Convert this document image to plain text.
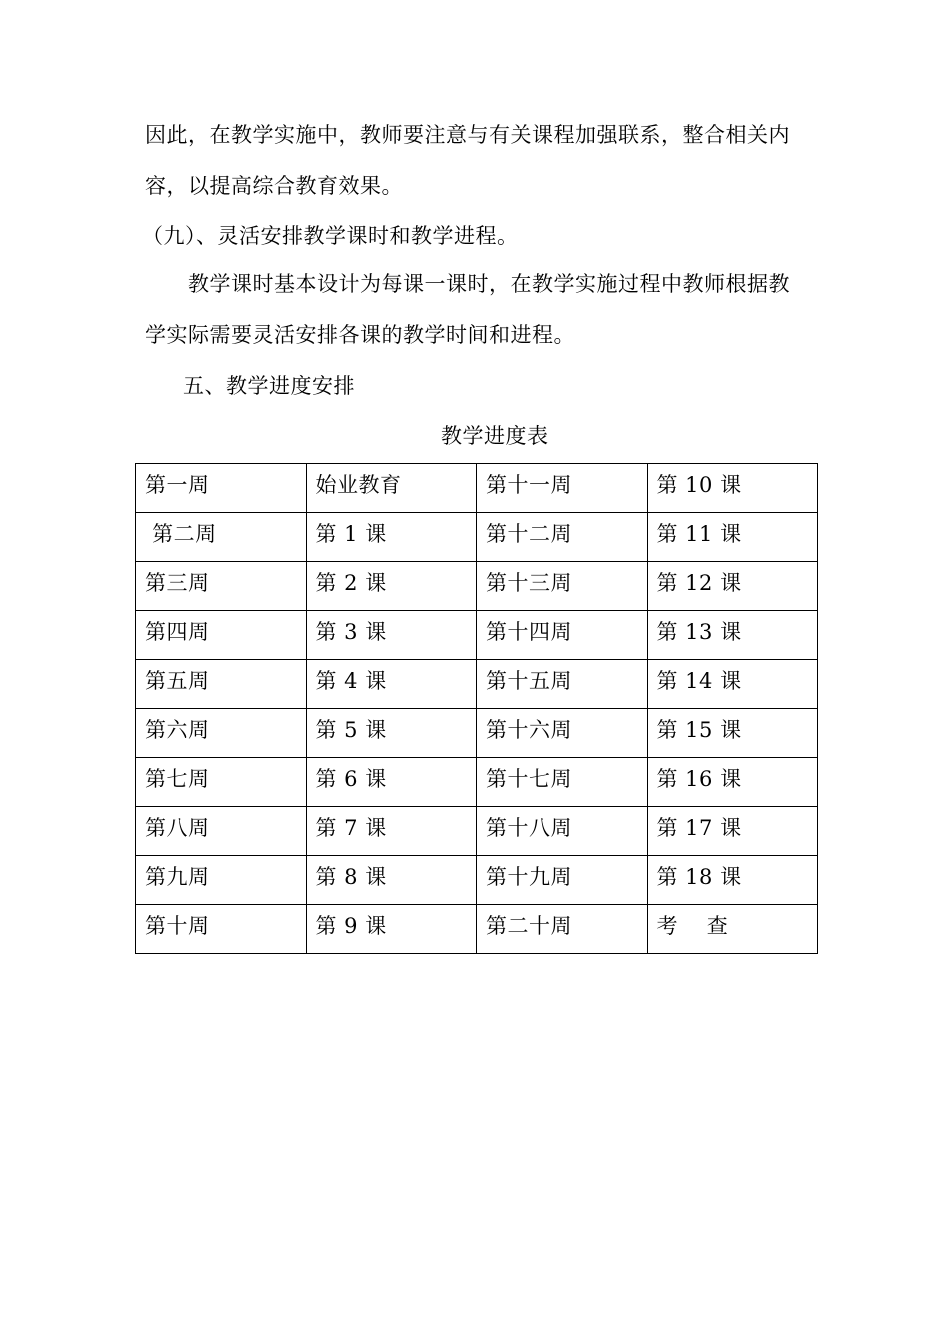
因此，在教学实施中，教师要注意与有关课程加强联系，整合相关内
容，以提高综合教育效果。
（九）、灵活安排教学课时和教学进程。
教学课时基本设计为每课一课时，在教学实施过程中教师根据教
学实际需要灵活安排各课的教学时间和进程。
五、教学进度安排
教学进度表
第一周	始业教育	第十一周	第 10 课
第二周	第 1 课	第十二周	第 11 课
第三周	第 2 课	第十三周	第 12 课
第四周	第 3 课	第十四周	第 13 课
第五周	第 4 课	第十五周	第 14 课
第六周	第 5 课	第十六周	第 15 课
第七周	第 6 课	第十七周	第 16 课
第八周	第 7 课	第十八周	第 17 课
第九周	第 8 课	第十九周	第 18 课
第十周	第 9 课	第二十周	考    查
